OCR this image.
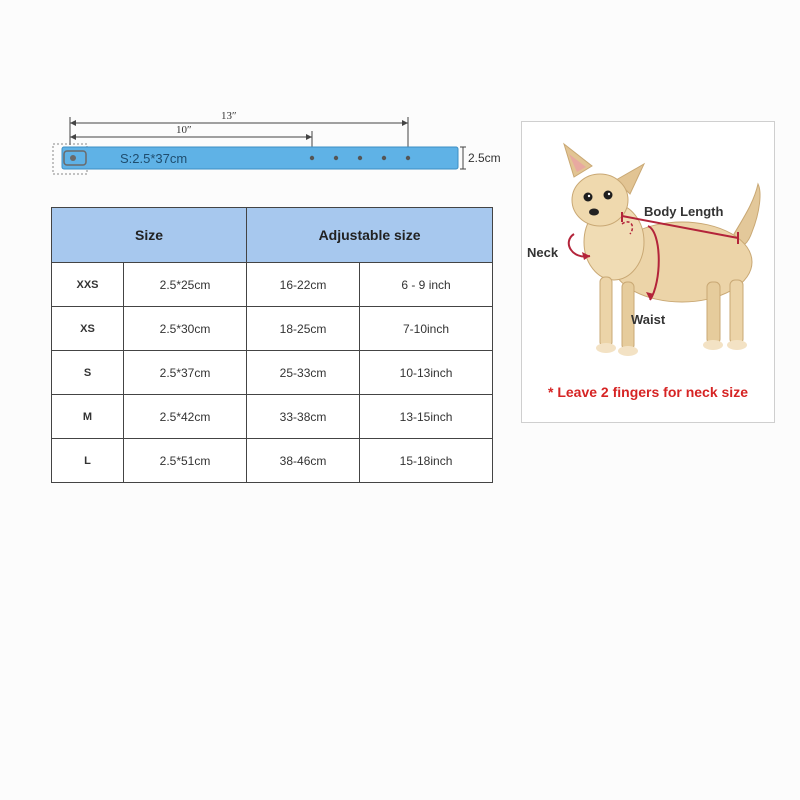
13″
10″
S:2.5*37cm	2.5cm
Size		Adjustable size	
XXS	2.5*25cm	16-22cm	6 - 9 inch
XS	2.5*30cm	18-25cm	7-10inch
S	2.5*37cm	25-33cm	10-13inch
M	2.5*42cm	33-38cm	13-15inch
L	2.5*51cm	38-46cm	15-18inch
Neck
Body Length
Waist
* Leave 2 fingers for neck size
